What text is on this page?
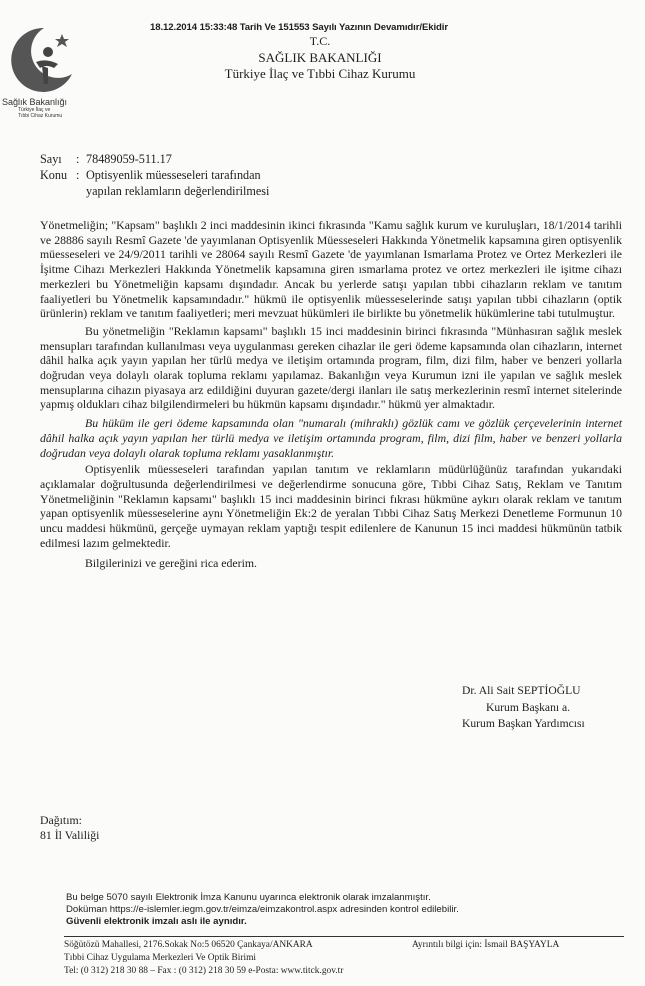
18.12.2014 15:33:48 Tarih Ve 151553 Sayılı Yazının Devamıdır/Ekidir
Sağlık Bakanlığı
Türkiye İlaç ve
Tıbbi Cihaz Kurumu
T.C.
SAĞLIK BAKANLIĞI
Türkiye İlaç ve Tıbbi Cihaz Kurumu
Sayı : 78489059-511.17
Konu : Optisyenlik müesseseleri tarafından
yapılan reklamların değerlendirilmesi

Yönetmeliğin; "Kapsam" başlıklı 2 inci maddesinin ikinci fıkrasında "Kamu sağlık kurum ve kuruluşları, 18/1/2014 tarihli ve 28886 sayılı Resmî Gazete 'de yayımlanan Optisyenlik Müesseseleri Hakkında Yönetmelik kapsamına giren optisyenlik müesseseleri ve 24/9/2011 tarihli ve 28064 sayılı Resmî Gazete 'de yayımlanan Ismarlama Protez ve Ortez Merkezleri ile İşitme Cihazı Merkezleri Hakkında Yönetmelik kapsamına giren ısmarlama protez ve ortez merkezleri ile işitme cihazı merkezleri bu Yönetmeliğin kapsamı dışındadır. Ancak bu yerlerde satışı yapılan tıbbi cihazların reklam ve tanıtım faaliyetleri bu Yönetmelik kapsamındadır." hükmü ile optisyenlik müesseselerinde satışı yapılan tıbbi cihazların (optik ürünlerin) reklam ve tanıtım faaliyetleri; meri mevzuat hükümleri ile birlikte bu yönetmelik hükümlerine tabi tutulmuştur.

Bu yönetmeliğin "Reklamın kapsamı" başlıklı 15 inci maddesinin birinci fıkrasında "Münhasıran sağlık meslek mensupları tarafından kullanılması veya uygulanması gereken cihazlar ile geri ödeme kapsamında olan cihazların, internet dâhil halka açık yayın yapılan her türlü medya ve iletişim ortamında program, film, dizi film, haber ve benzeri yollarla doğrudan veya dolaylı olarak topluma reklamı yapılamaz. Bakanlığın veya Kurumun izni ile yapılan ve sağlık meslek mensuplarına cihazın piyasaya arz edildiğini duyuran gazete/dergi ilanları ile satış merkezlerinin resmî internet sitelerinde yapmış oldukları cihaz bilgilendirmeleri bu hükmün kapsamı dışındadır." hükmü yer almaktadır.

Bu hüküm ile geri ödeme kapsamında olan "numaralı (mihraklı) gözlük camı ve gözlük çerçevelerinin internet dâhil halka açık yayın yapılan her türlü medya ve iletişim ortamında program, film, dizi film, haber ve benzeri yollarla doğrudan veya dolaylı olarak topluma reklamı yasaklanmıştır.

Optisyenlik müesseseleri tarafından yapılan tanıtım ve reklamların müdürlüğünüz tarafından yukarıdaki açıklamalar doğrultusunda değerlendirilmesi ve değerlendirme sonucuna göre, Tıbbi Cihaz Satış, Reklam ve Tanıtım Yönetmeliğinin "Reklamın kapsamı" başlıklı 15 inci maddesinin birinci fıkrası hükmüne aykırı olarak reklam ve tanıtım yapan optisyenlik müesseselerine aynı Yönetmeliğin Ek:2 de yeralan Tıbbi Cihaz Satış Merkezi Denetleme Formunun 10 uncu maddesi hükmünü, gerçeğe uymayan reklam yaptığı tespit edilenlere de Kanunun 15 inci maddesi hükmünün tatbik edilmesi lazım gelmektedir.

Bilgilerinizi ve gereğini rica ederim.

Dr. Ali Sait SEPTİOĞLU
Kurum Başkanı a.
Kurum Başkan Yardımcısı
Dağıtım:
81 İl Valiliği
Bu belge 5070 sayılı Elektronik İmza Kanunu uyarınca elektronik olarak imzalanmıştır.
Doküman https://e-islemler.iegm.gov.tr/eimza/eimzakontrol.aspx adresinden kontrol edilebilir.
Güvenli elektronik imzalı aslı ile aynıdır.
Söğütözü Mahallesi, 2176.Sokak No:5 06520 Çankaya/ANKARA	Ayrıntılı bilgi için: İsmail BAŞYAYLA
Tıbbi Cihaz Uygulama Merkezleri Ve Optik Birimi
Tel: (0 312) 218 30 88 – Fax : (0 312) 218 30 59 e-Posta: www.titck.gov.tr
